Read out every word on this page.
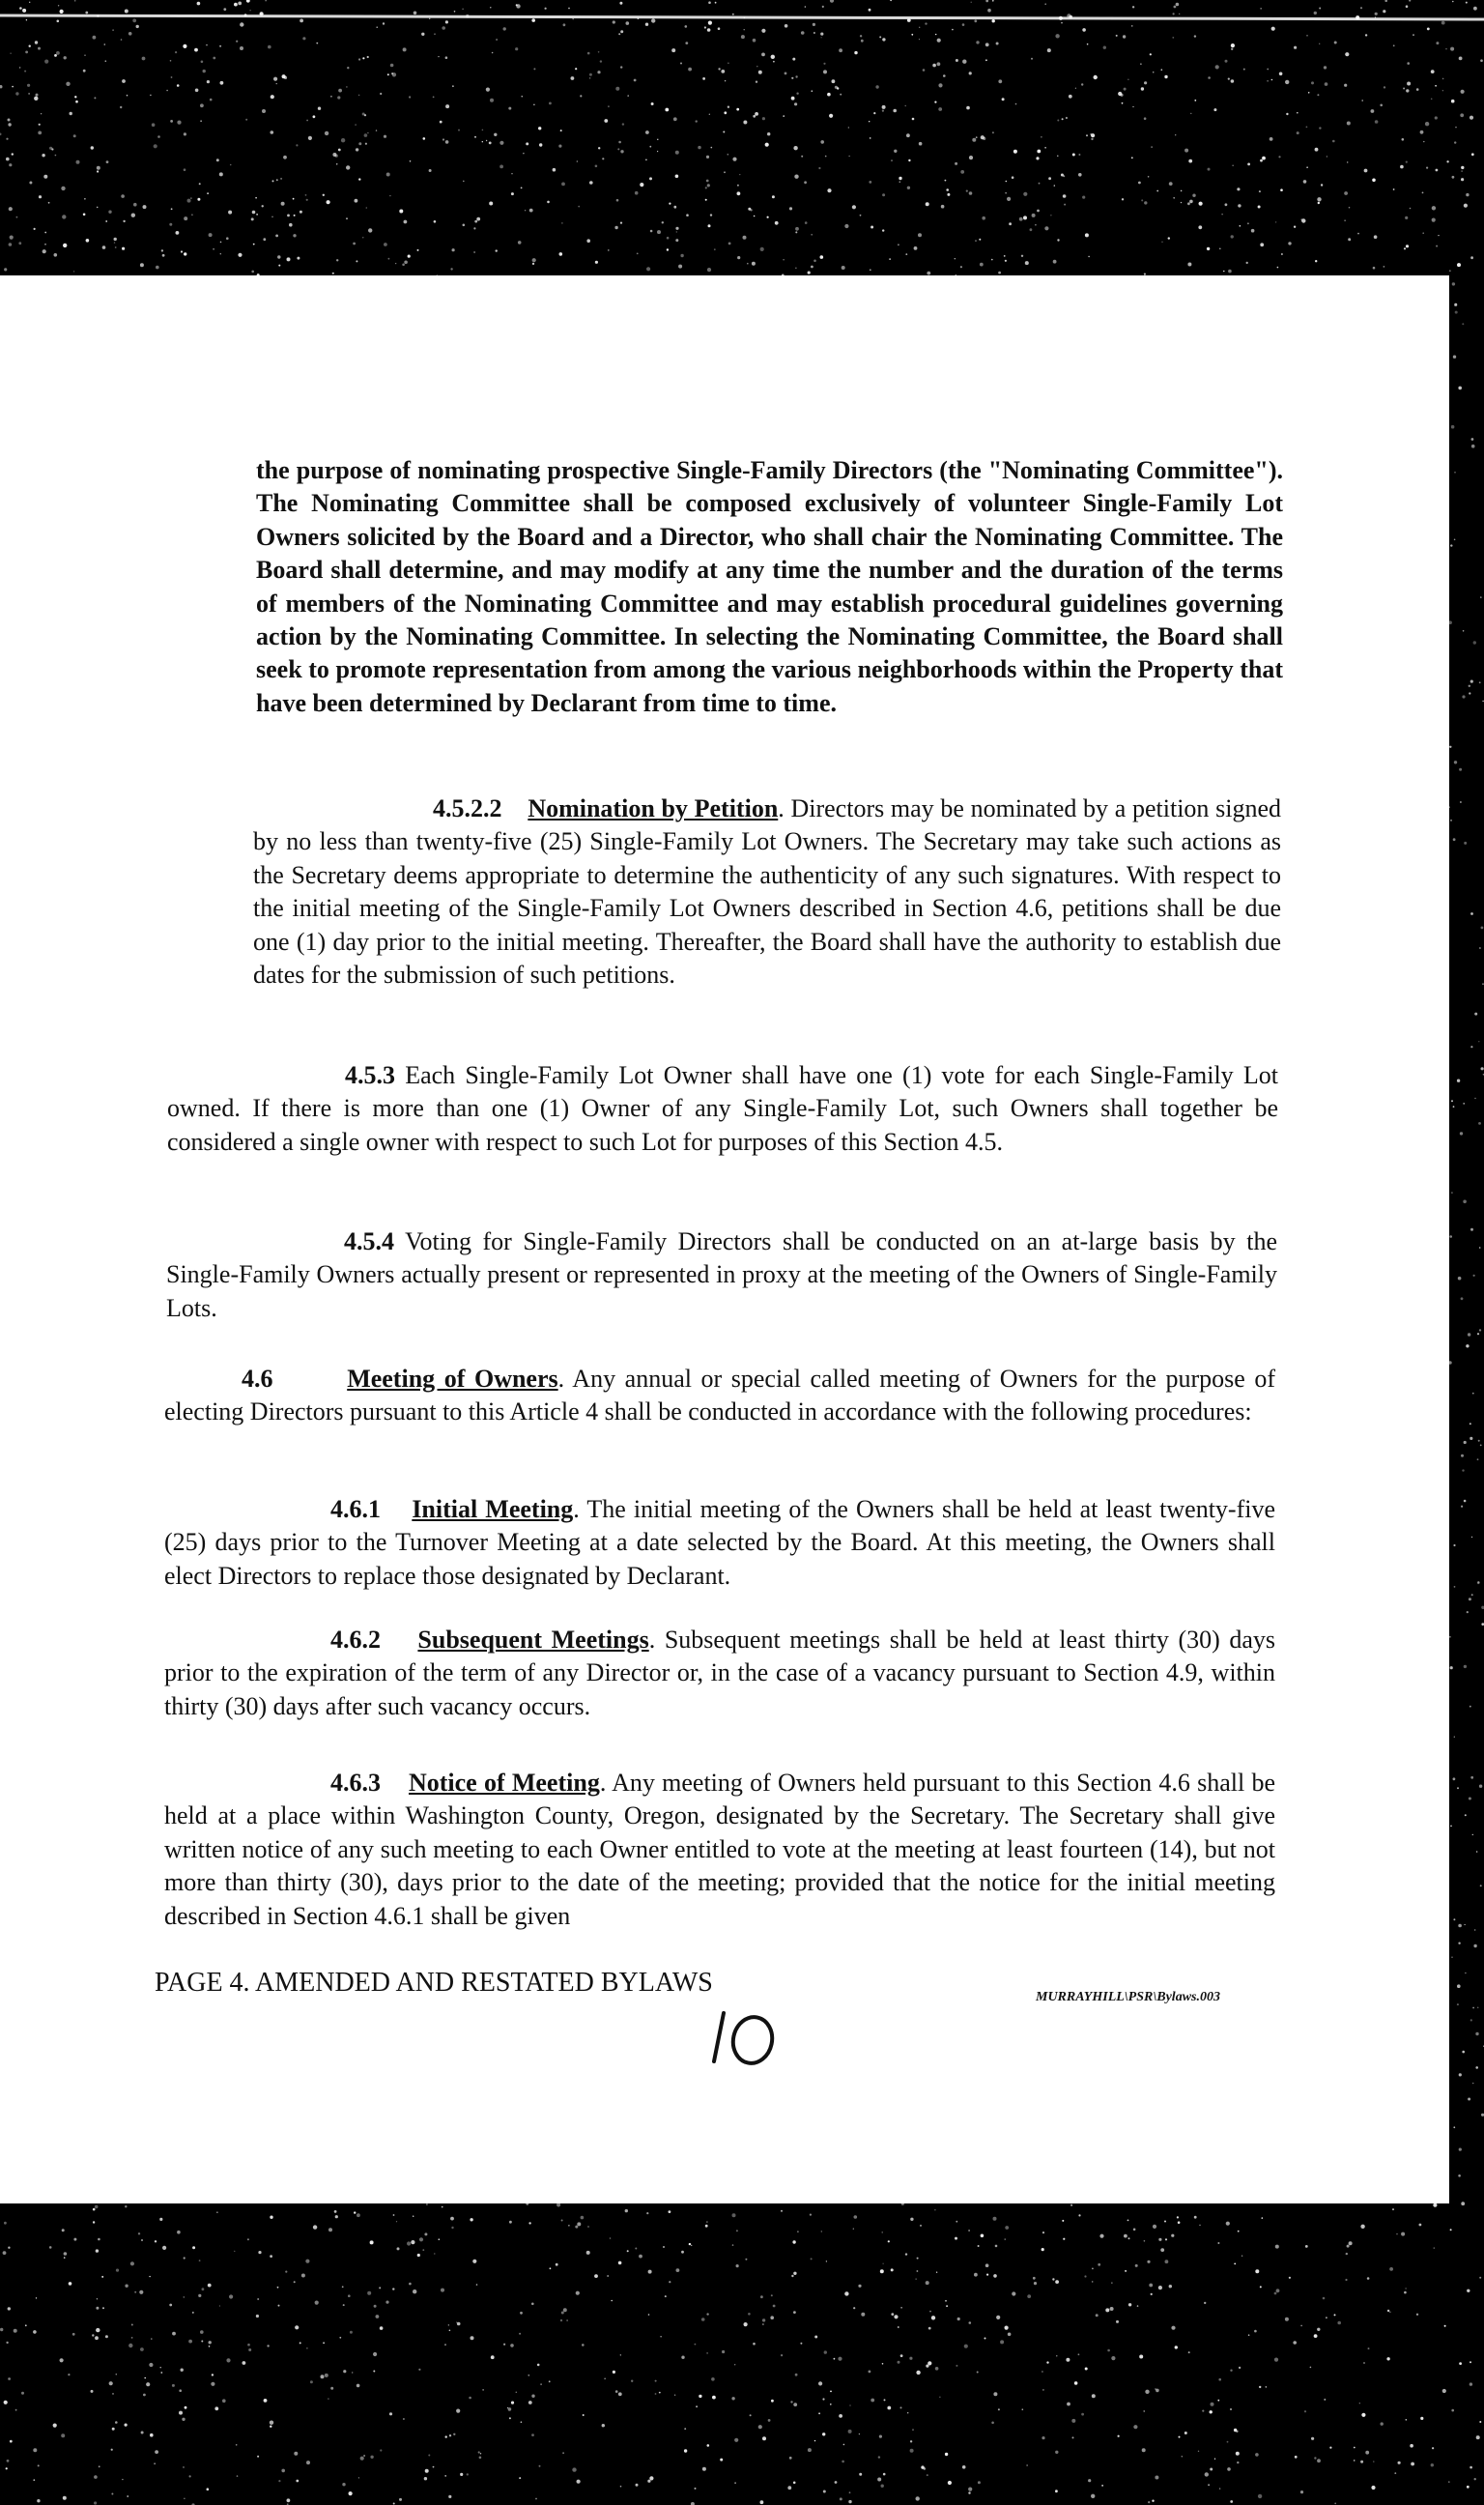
the purpose of nominating prospective Single-Family Directors (the "Nominating Committee"). The Nominating Committee shall be composed exclusively of volunteer Single-Family Lot Owners solicited by the Board and a Director, who shall chair the Nominating Committee. The Board shall determine, and may modify at any time the number and the duration of the terms of members of the Nominating Committee and may establish procedural guidelines governing action by the Nominating Committee. In selecting the Nominating Committee, the Board shall seek to promote representation from among the various neighborhoods within the Property that have been determined by Declarant from time to time.
4.5.2.2 Nomination by Petition. Directors may be nominated by a petition signed by no less than twenty-five (25) Single-Family Lot Owners. The Secretary may take such actions as the Secretary deems appropriate to determine the authenticity of any such signatures. With respect to the initial meeting of the Single-Family Lot Owners described in Section 4.6, petitions shall be due one (1) day prior to the initial meeting. Thereafter, the Board shall have the authority to establish due dates for the submission of such petitions.
4.5.3 Each Single-Family Lot Owner shall have one (1) vote for each Single-Family Lot owned. If there is more than one (1) Owner of any Single-Family Lot, such Owners shall together be considered a single owner with respect to such Lot for purposes of this Section 4.5.
4.5.4 Voting for Single-Family Directors shall be conducted on an at-large basis by the Single-Family Owners actually present or represented in proxy at the meeting of the Owners of Single-Family Lots.
4.6	Meeting of Owners. Any annual or special called meeting of Owners for the purpose of electing Directors pursuant to this Article 4 shall be conducted in accordance with the following procedures:
4.6.1 Initial Meeting. The initial meeting of the Owners shall be held at least twenty-five (25) days prior to the Turnover Meeting at a date selected by the Board. At this meeting, the Owners shall elect Directors to replace those designated by Declarant.
4.6.2 Subsequent Meetings. Subsequent meetings shall be held at least thirty (30) days prior to the expiration of the term of any Director or, in the case of a vacancy pursuant to Section 4.9, within thirty (30) days after such vacancy occurs.
4.6.3 Notice of Meeting. Any meeting of Owners held pursuant to this Section 4.6 shall be held at a place within Washington County, Oregon, designated by the Secretary. The Secretary shall give written notice of any such meeting to each Owner entitled to vote at the meeting at least fourteen (14), but not more than thirty (30), days prior to the date of the meeting; provided that the notice for the initial meeting described in Section 4.6.1 shall be given
PAGE 4. AMENDED AND RESTATED BYLAWS	MURRAYHILL\PSR\Bylaws.003
